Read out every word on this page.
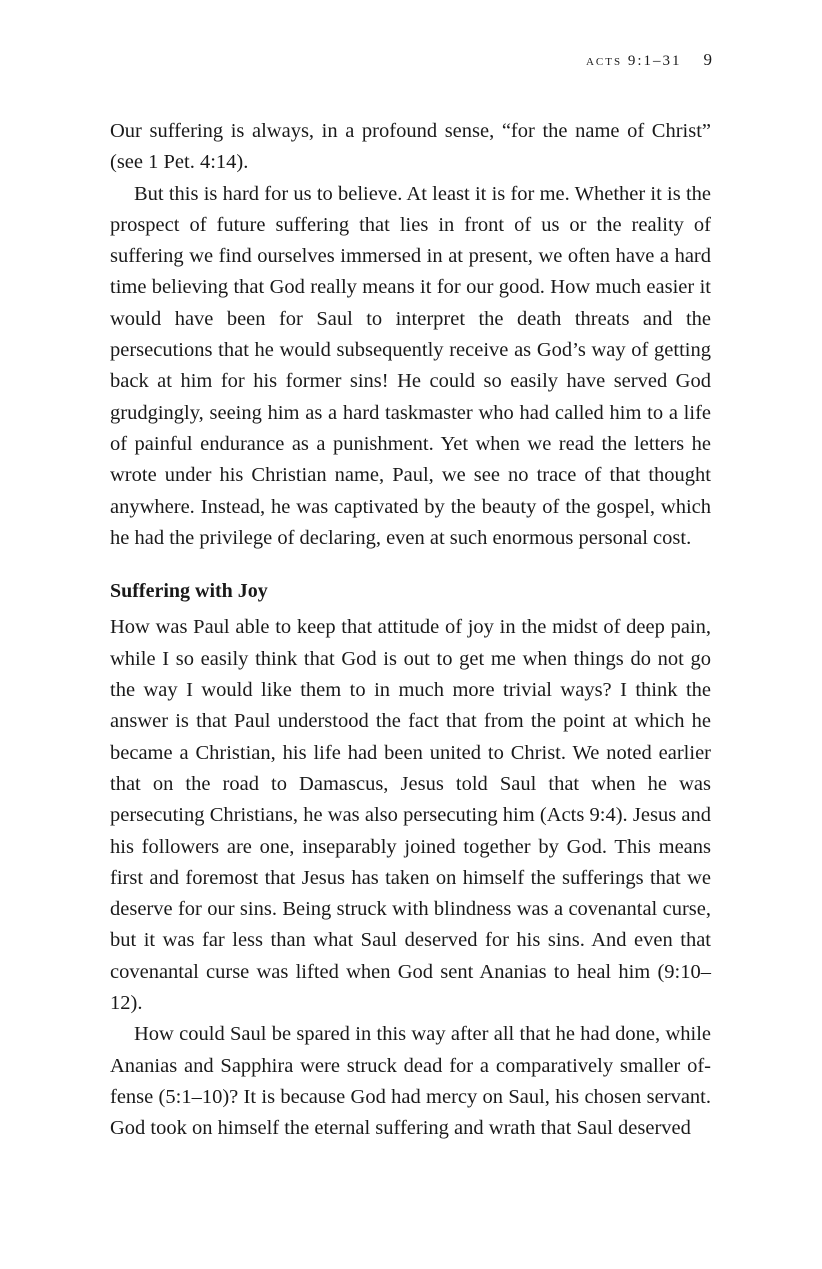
acts 9:1–31 9

Our suffering is always, in a profound sense, “for the name of Christ” (see 1 Pet. 4:14).

But this is hard for us to believe. At least it is for me. Whether it is the prospect of future suffering that lies in front of us or the reality of suffering we find ourselves immersed in at present, we often have a hard time believing that God really means it for our good. How much easier it would have been for Saul to interpret the death threats and the persecutions that he would subsequently receive as God’s way of getting back at him for his former sins! He could so easily have served God grudgingly, seeing him as a hard taskmaster who had called him to a life of painful endurance as a punishment. Yet when we read the letters he wrote under his Christian name, Paul, we see no trace of that thought anywhere. Instead, he was captivated by the beauty of the gospel, which he had the privilege of declaring, even at such enormous personal cost.

Suffering with Joy

How was Paul able to keep that attitude of joy in the midst of deep pain, while I so easily think that God is out to get me when things do not go the way I would like them to in much more trivial ways? I think the answer is that Paul understood the fact that from the point at which he became a Christian, his life had been united to Christ. We noted earlier that on the road to Damascus, Jesus told Saul that when he was persecuting Christians, he was also persecuting him (Acts 9:4). Jesus and his followers are one, inseparably joined together by God. This means first and foremost that Jesus has taken on himself the sufferings that we deserve for our sins. Being struck with blindness was a covenantal curse, but it was far less than what Saul deserved for his sins. And even that covenantal curse was lifted when God sent Ananias to heal him (9:10–12).

How could Saul be spared in this way after all that he had done, while Ananias and Sapphira were struck dead for a comparatively smaller offense (5:1–10)? It is because God had mercy on Saul, his chosen servant. God took on himself the eternal suffering and wrath that Saul deserved
